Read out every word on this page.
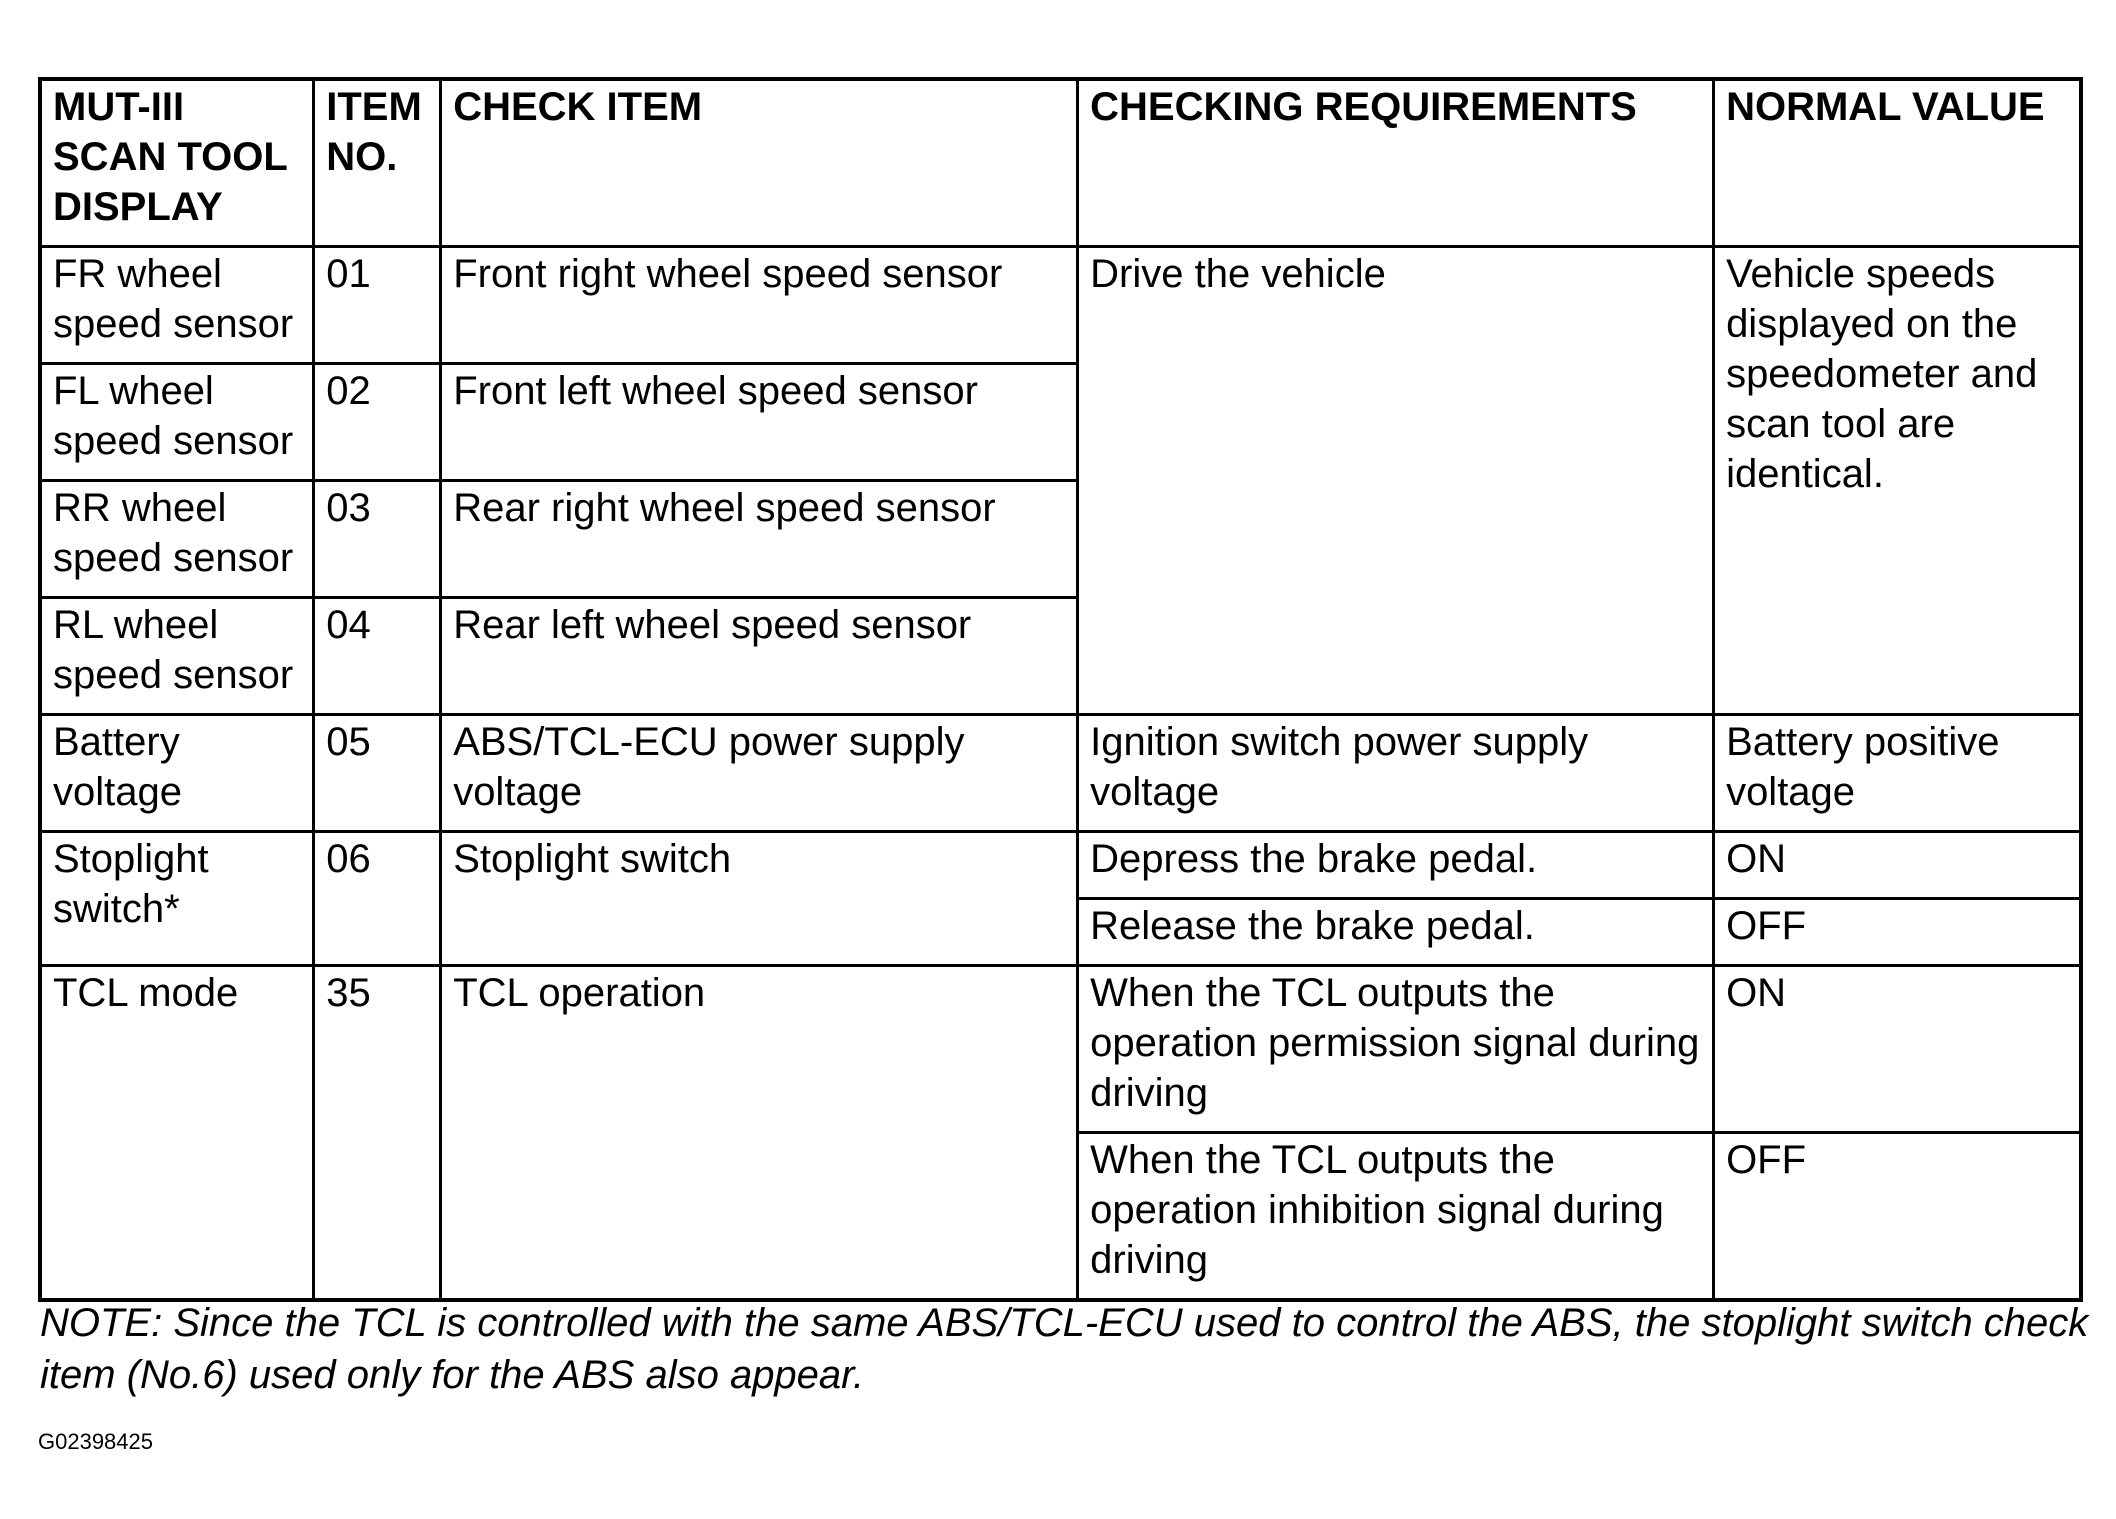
MUT-III SCAN TOOL DISPLAY	ITEM NO.	CHECK ITEM	CHECKING REQUIREMENTS	NORMAL VALUE
FR wheel speed sensor	01	Front right wheel speed sensor	Drive the vehicle	Vehicle speeds displayed on the speedometer and scan tool are identical.
FL wheel speed sensor	02	Front left wheel speed sensor		
RR wheel speed sensor	03	Rear right wheel speed sensor		
RL wheel speed sensor	04	Rear left wheel speed sensor		
Battery voltage	05	ABS/TCL-ECU power supply voltage	Ignition switch power supply voltage	Battery positive voltage
Stoplight switch*	06	Stoplight switch	Depress the brake pedal.	ON
			Release the brake pedal.	OFF
TCL mode	35	TCL operation	When the TCL outputs the operation permission signal during driving	ON
			When the TCL outputs the operation inhibition signal during driving	OFF

NOTE: Since the TCL is controlled with the same ABS/TCL-ECU used to control the ABS, the stoplight switch check item (No.6) used only for the ABS also appear.

G02398425
